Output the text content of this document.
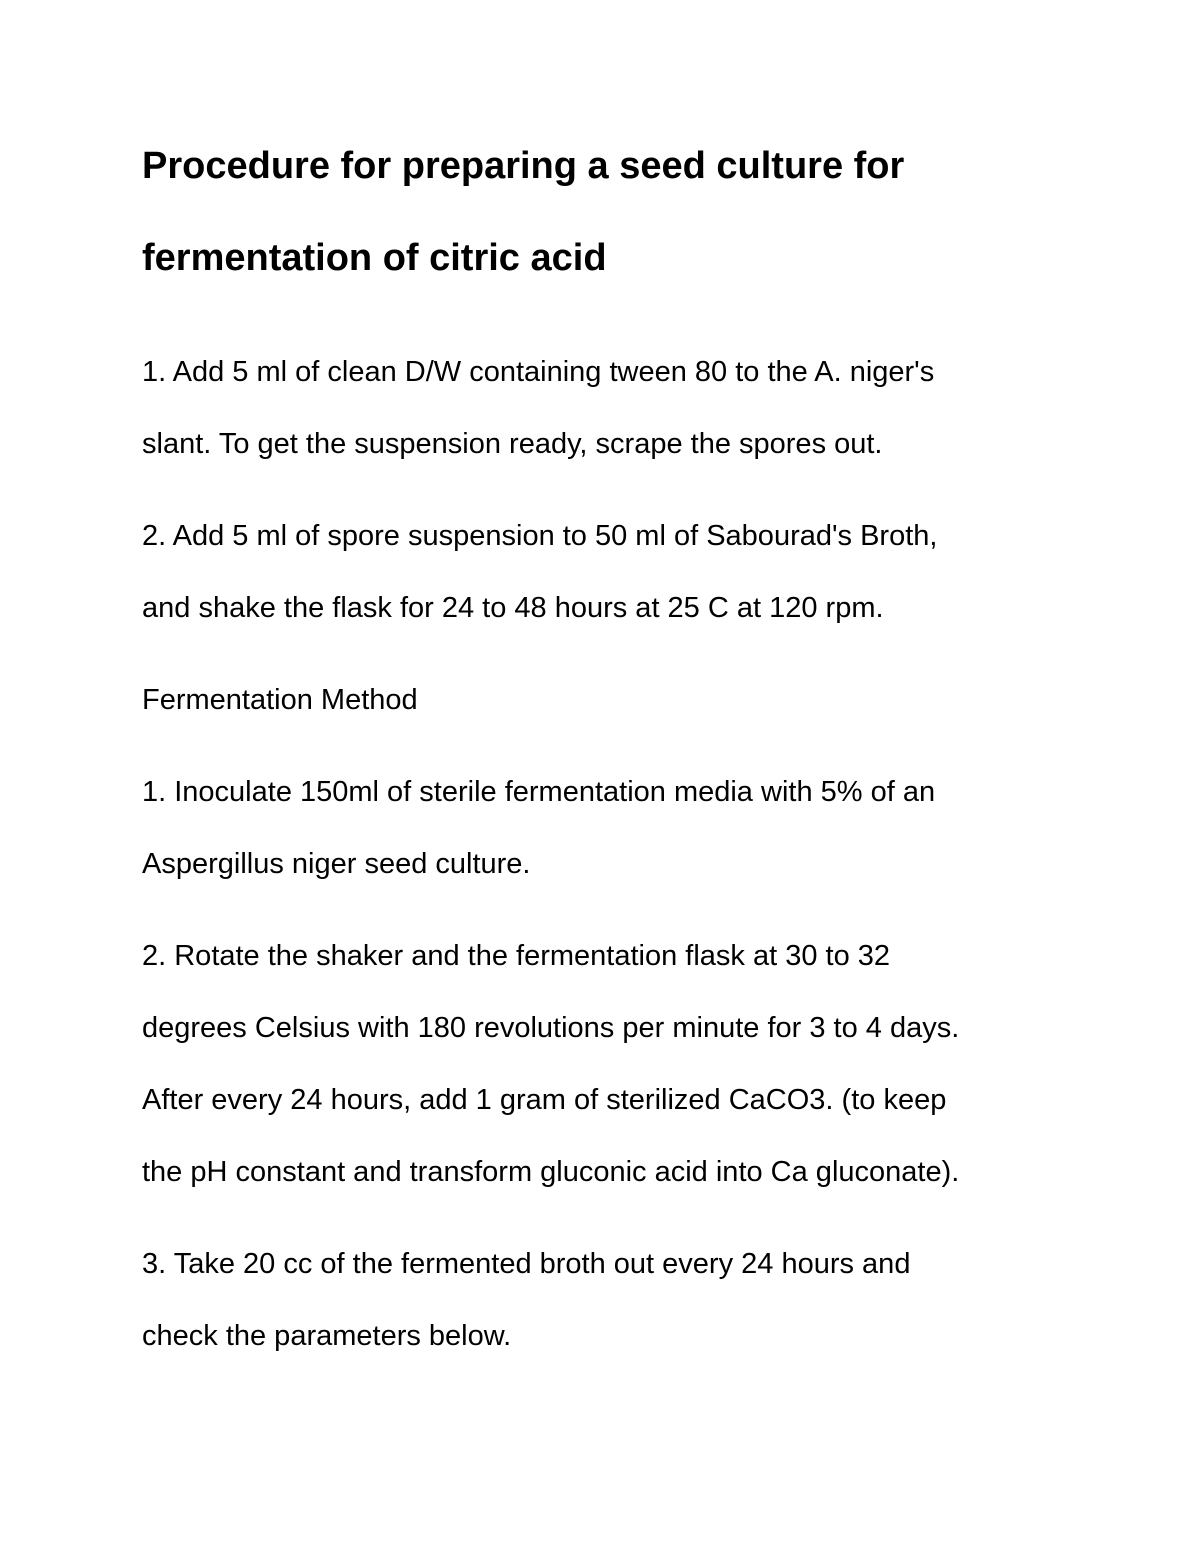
Procedure for preparing a seed culture for
fermentation of citric acid

1. Add 5 ml of clean D/W containing tween 80 to the A. niger's
slant. To get the suspension ready, scrape the spores out.

2. Add 5 ml of spore suspension to 50 ml of Sabourad's Broth,
and shake the flask for 24 to 48 hours at 25 C at 120 rpm.

Fermentation Method

1. Inoculate 150ml of sterile fermentation media with 5% of an
Aspergillus niger seed culture.

2. Rotate the shaker and the fermentation flask at 30 to 32
degrees Celsius with 180 revolutions per minute for 3 to 4 days.
After every 24 hours, add 1 gram of sterilized CaCO3. (to keep
the pH constant and transform gluconic acid into Ca gluconate).

3. Take 20 cc of the fermented broth out every 24 hours and
check the parameters below.
